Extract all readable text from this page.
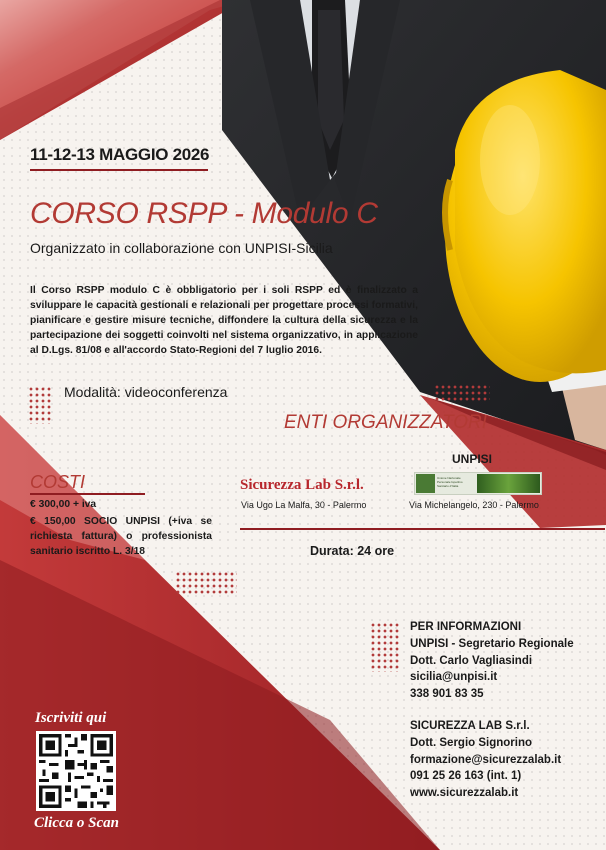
11-12-13 MAGGIO 2026
CORSO RSPP - Modulo C
Organizzato in collaborazione con UNPISI-Sicilia
Il Corso RSPP modulo C è obbligatorio per i soli RSPP ed è finalizzato a sviluppare le capacità gestionali e relazionali per progettare processi formativi, pianificare e gestire misure tecniche, diffondere la cultura della sicurezza e la partecipazione dei soggetti coinvolti nel sistema organizzativo, in applicazione al D.Lgs. 81/08 e all'accordo Stato-Regioni del 7 luglio 2016.
Modalità: videoconferenza
ENTI ORGANIZZATORI
COSTI
€ 300,00 + iva
€ 150,00 SOCIO UNPISI (+iva se richiesta fattura) o professionista sanitario iscritto L. 3/18
Sicurezza Lab S.r.l.
Via Ugo La Malfa, 30 - Palermo
UNPISI
Unione Nazionale Personale Ispettivo Sanitario d'Italia
Via Michelangelo, 230 - Palermo
Durata: 24 ore
PER INFORMAZIONI
UNPISI - Segretario Regionale
Dott. Carlo Vagliasindi
sicilia@unpisi.it
338 901 83 35
SICUREZZA LAB S.r.l.
Dott. Sergio Signorino
formazione@sicurezzalab.it
091 25 26 163 (int. 1)
www.sicurezzalab.it
Iscriviti qui
Clicca o Scan
